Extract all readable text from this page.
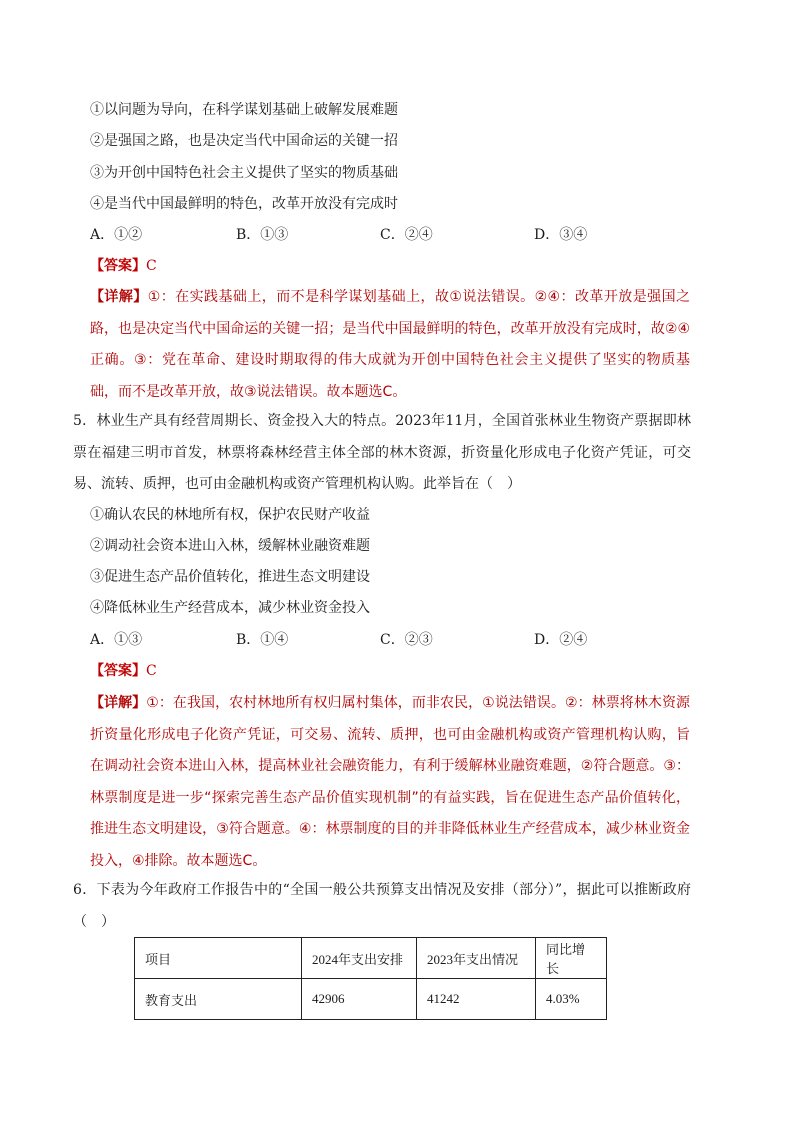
①以问题为导向，在科学谋划基础上破解发展难题
②是强国之路，也是决定当代中国命运的关键一招
③为开创中国特色社会主义提供了坚实的物质基础
④是当代中国最鲜明的特色，改革开放没有完成时
A．①②	B．①③	C．②④	D．③④
【答案】C
【详解】①：在实践基础上，而不是科学谋划基础上，故①说法错误。②④：改革开放是强国之路，也是决定当代中国命运的关键一招；是当代中国最鲜明的特色，改革开放没有完成时，故②④正确。③：党在革命、建设时期取得的伟大成就为开创中国特色社会主义提供了坚实的物质基础，而不是改革开放，故③说法错误。故本题选C。
5．林业生产具有经营周期长、资金投入大的特点。2023年11月，全国首张林业生物资产票据即林票在福建三明市首发，林票将森林经营主体全部的林木资源，折资量化形成电子化资产凭证，可交易、流转、质押，也可由金融机构或资产管理机构认购。此举旨在（　）
①确认农民的林地所有权，保护农民财产收益
②调动社会资本进山入林，缓解林业融资难题
③促进生态产品价值转化，推进生态文明建设
④降低林业生产经营成本，减少林业资金投入
A．①③	B．①④	C．②③	D．②④
【答案】C
【详解】①：在我国，农村林地所有权归属村集体，而非农民，①说法错误。②：林票将林木资源折资量化形成电子化资产凭证，可交易、流转、质押，也可由金融机构或资产管理机构认购，旨在调动社会资本进山入林，提高林业社会融资能力，有利于缓解林业融资难题，②符合题意。③：林票制度是进一步“探索完善生态产品价值实现机制”的有益实践，旨在促进生态产品价值转化，推进生态文明建设，③符合题意。④：林票制度的目的并非降低林业生产经营成本，减少林业资金投入，④排除。故本题选C。
6．下表为今年政府工作报告中的“全国一般公共预算支出情况及安排（部分）”，据此可以推断政府（　）
项目	2024年支出安排	2023年支出情况	同比增长
教育支出	42906	41242	4.03%
